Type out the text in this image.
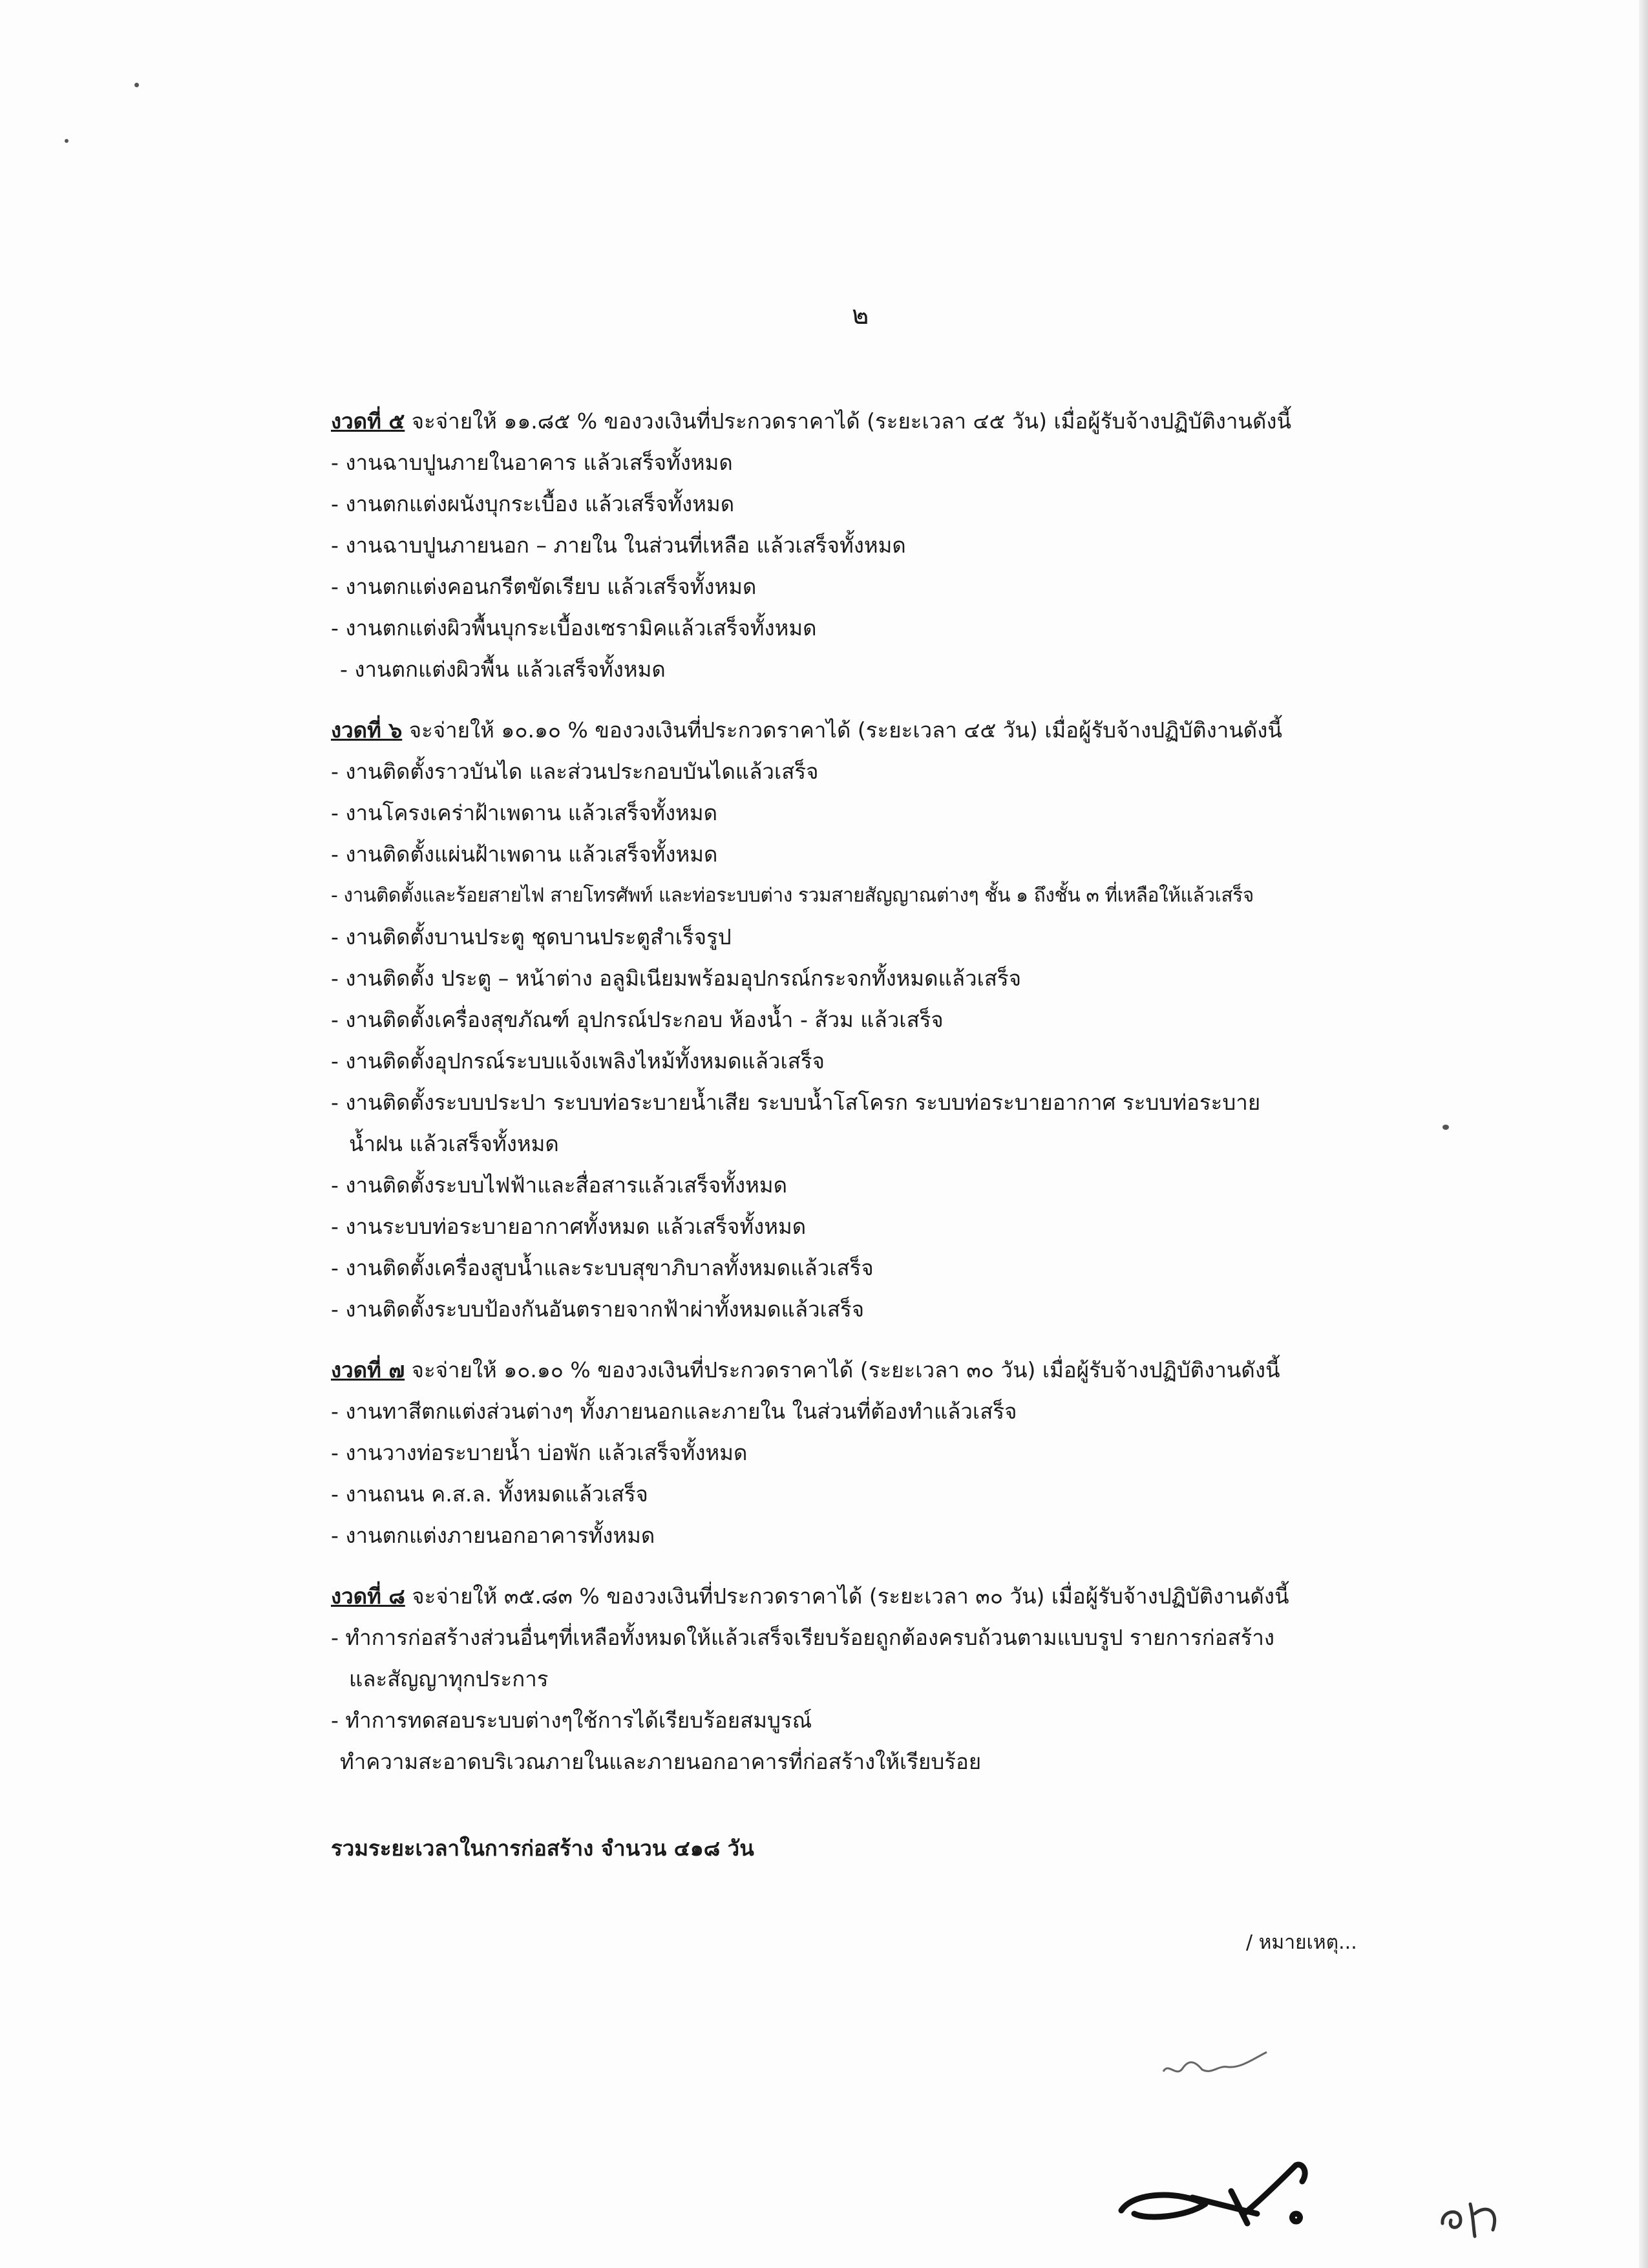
๒
งวดที่ ๕ จะจ่ายให้ ๑๑.๘๕ % ของวงเงินที่ประกวดราคาได้ (ระยะเวลา ๔๕ วัน) เมื่อผู้รับจ้างปฏิบัติงานดังนี้
- งานฉาบปูนภายในอาคาร แล้วเสร็จทั้งหมด
- งานตกแต่งผนังบุกระเบื้อง แล้วเสร็จทั้งหมด
- งานฉาบปูนภายนอก – ภายใน ในส่วนที่เหลือ แล้วเสร็จทั้งหมด
- งานตกแต่งคอนกรีตขัดเรียบ แล้วเสร็จทั้งหมด
- งานตกแต่งผิวพื้นบุกระเบื้องเซรามิคแล้วเสร็จทั้งหมด
- งานตกแต่งผิวพื้น แล้วเสร็จทั้งหมด
งวดที่ ๖ จะจ่ายให้ ๑๐.๑๐ % ของวงเงินที่ประกวดราคาได้ (ระยะเวลา ๔๕ วัน) เมื่อผู้รับจ้างปฏิบัติงานดังนี้
- งานติดตั้งราวบันได และส่วนประกอบบันไดแล้วเสร็จ
- งานโครงเคร่าฝ้าเพดาน แล้วเสร็จทั้งหมด
- งานติดตั้งแผ่นฝ้าเพดาน แล้วเสร็จทั้งหมด
- งานติดตั้งและร้อยสายไฟ สายโทรศัพท์ และท่อระบบต่าง รวมสายสัญญาณต่างๆ ชั้น ๑ ถึงชั้น ๓ ที่เหลือให้แล้วเสร็จ
- งานติดตั้งบานประตู ชุดบานประตูสำเร็จรูป
- งานติดตั้ง ประตู – หน้าต่าง อลูมิเนียมพร้อมอุปกรณ์กระจกทั้งหมดแล้วเสร็จ
- งานติดตั้งเครื่องสุขภัณฑ์ อุปกรณ์ประกอบ ห้องน้ำ - ส้วม แล้วเสร็จ
- งานติดตั้งอุปกรณ์ระบบแจ้งเพลิงไหม้ทั้งหมดแล้วเสร็จ
- งานติดตั้งระบบประปา ระบบท่อระบายน้ำเสีย ระบบน้ำโสโครก ระบบท่อระบายอากาศ ระบบท่อระบาย
น้ำฝน แล้วเสร็จทั้งหมด
- งานติดตั้งระบบไฟฟ้าและสื่อสารแล้วเสร็จทั้งหมด
- งานระบบท่อระบายอากาศทั้งหมด แล้วเสร็จทั้งหมด
- งานติดตั้งเครื่องสูบน้ำและระบบสุขาภิบาลทั้งหมดแล้วเสร็จ
- งานติดตั้งระบบป้องกันอันตรายจากฟ้าผ่าทั้งหมดแล้วเสร็จ
งวดที่ ๗ จะจ่ายให้ ๑๐.๑๐ % ของวงเงินที่ประกวดราคาได้ (ระยะเวลา ๓๐ วัน) เมื่อผู้รับจ้างปฏิบัติงานดังนี้
- งานทาสีตกแต่งส่วนต่างๆ ทั้งภายนอกและภายใน ในส่วนที่ต้องทำแล้วเสร็จ
- งานวางท่อระบายน้ำ บ่อพัก แล้วเสร็จทั้งหมด
- งานถนน ค.ส.ล. ทั้งหมดแล้วเสร็จ
- งานตกแต่งภายนอกอาคารทั้งหมด
งวดที่ ๘ จะจ่ายให้ ๓๕.๘๓ % ของวงเงินที่ประกวดราคาได้ (ระยะเวลา ๓๐ วัน) เมื่อผู้รับจ้างปฏิบัติงานดังนี้
- ทำการก่อสร้างส่วนอื่นๆที่เหลือทั้งหมดให้แล้วเสร็จเรียบร้อยถูกต้องครบถ้วนตามแบบรูป รายการก่อสร้าง
และสัญญาทุกประการ
- ทำการทดสอบระบบต่างๆใช้การได้เรียบร้อยสมบูรณ์
ทำความสะอาดบริเวณภายในและภายนอกอาคารที่ก่อสร้างให้เรียบร้อย
รวมระยะเวลาในการก่อสร้าง จำนวน ๔๑๘ วัน
/ หมายเหตุ...
